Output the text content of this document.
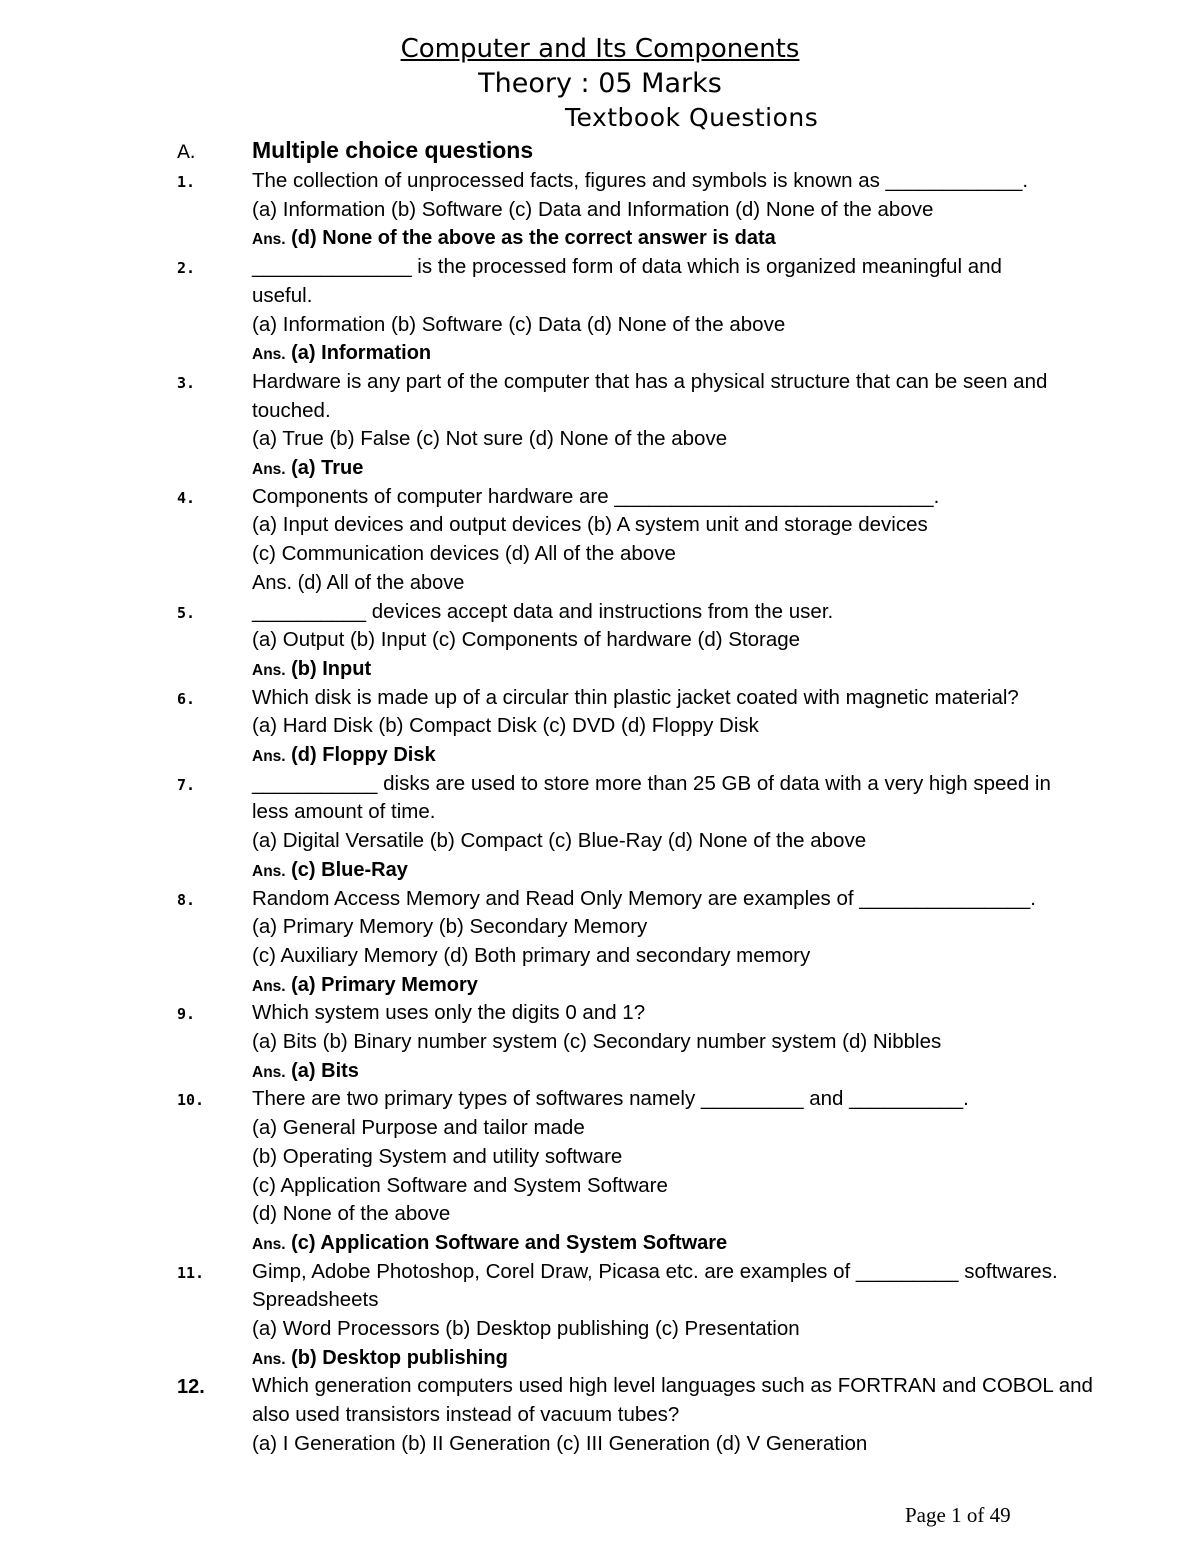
Computer and Its Components
Theory : 05 Marks
Textbook Questions
A. Multiple choice questions
1.	The collection of unprocessed facts, figures and symbols is known as ____________.
(a) Information (b) Software (c) Data and Information (d) None of the above
Ans. (d) None of the above as the correct answer is data
2.	______________ is the processed form of data which is organized meaningful and
useful.
(a) Information (b) Software (c) Data (d) None of the above
Ans. (a) Information
3.	Hardware is any part of the computer that has a physical structure that can be seen and
touched.
(a) True (b) False (c) Not sure (d) None of the above
Ans. (a) True
4.	Components of computer hardware are ____________________________.
(a) Input devices and output devices (b) A system unit and storage devices
(c) Communication devices (d) All of the above
Ans. (d) All of the above
5.	__________ devices accept data and instructions from the user.
(a) Output (b) Input (c) Components of hardware (d) Storage
Ans. (b) Input
6.	Which disk is made up of a circular thin plastic jacket coated with magnetic material?
(a) Hard Disk (b) Compact Disk (c) DVD (d) Floppy Disk
Ans. (d) Floppy Disk
7.	___________ disks are used to store more than 25 GB of data with a very high speed in
less amount of time.
(a) Digital Versatile (b) Compact (c) Blue-Ray (d) None of the above
Ans. (c) Blue-Ray
8.	Random Access Memory and Read Only Memory are examples of _______________.
(a) Primary Memory (b) Secondary Memory
(c) Auxiliary Memory (d) Both primary and secondary memory
Ans. (a) Primary Memory
9.	Which system uses only the digits 0 and 1?
(a) Bits (b) Binary number system (c) Secondary number system (d) Nibbles
Ans. (a) Bits
10. There are two primary types of softwares namely _________ and __________.
(a) General Purpose and tailor made
(b) Operating System and utility software
(c) Application Software and System Software
(d) None of the above
Ans. (c) Application Software and System Software
11. Gimp, Adobe Photoshop, Corel Draw, Picasa etc. are examples of _________ softwares.
Spreadsheets
(a) Word Processors (b) Desktop publishing (c) Presentation
Ans. (b) Desktop publishing
12. Which generation computers used high level languages such as FORTRAN and COBOL and
also used transistors instead of vacuum tubes?
(a) I Generation (b) II Generation (c) III Generation (d) V Generation
Page 1 of 49
